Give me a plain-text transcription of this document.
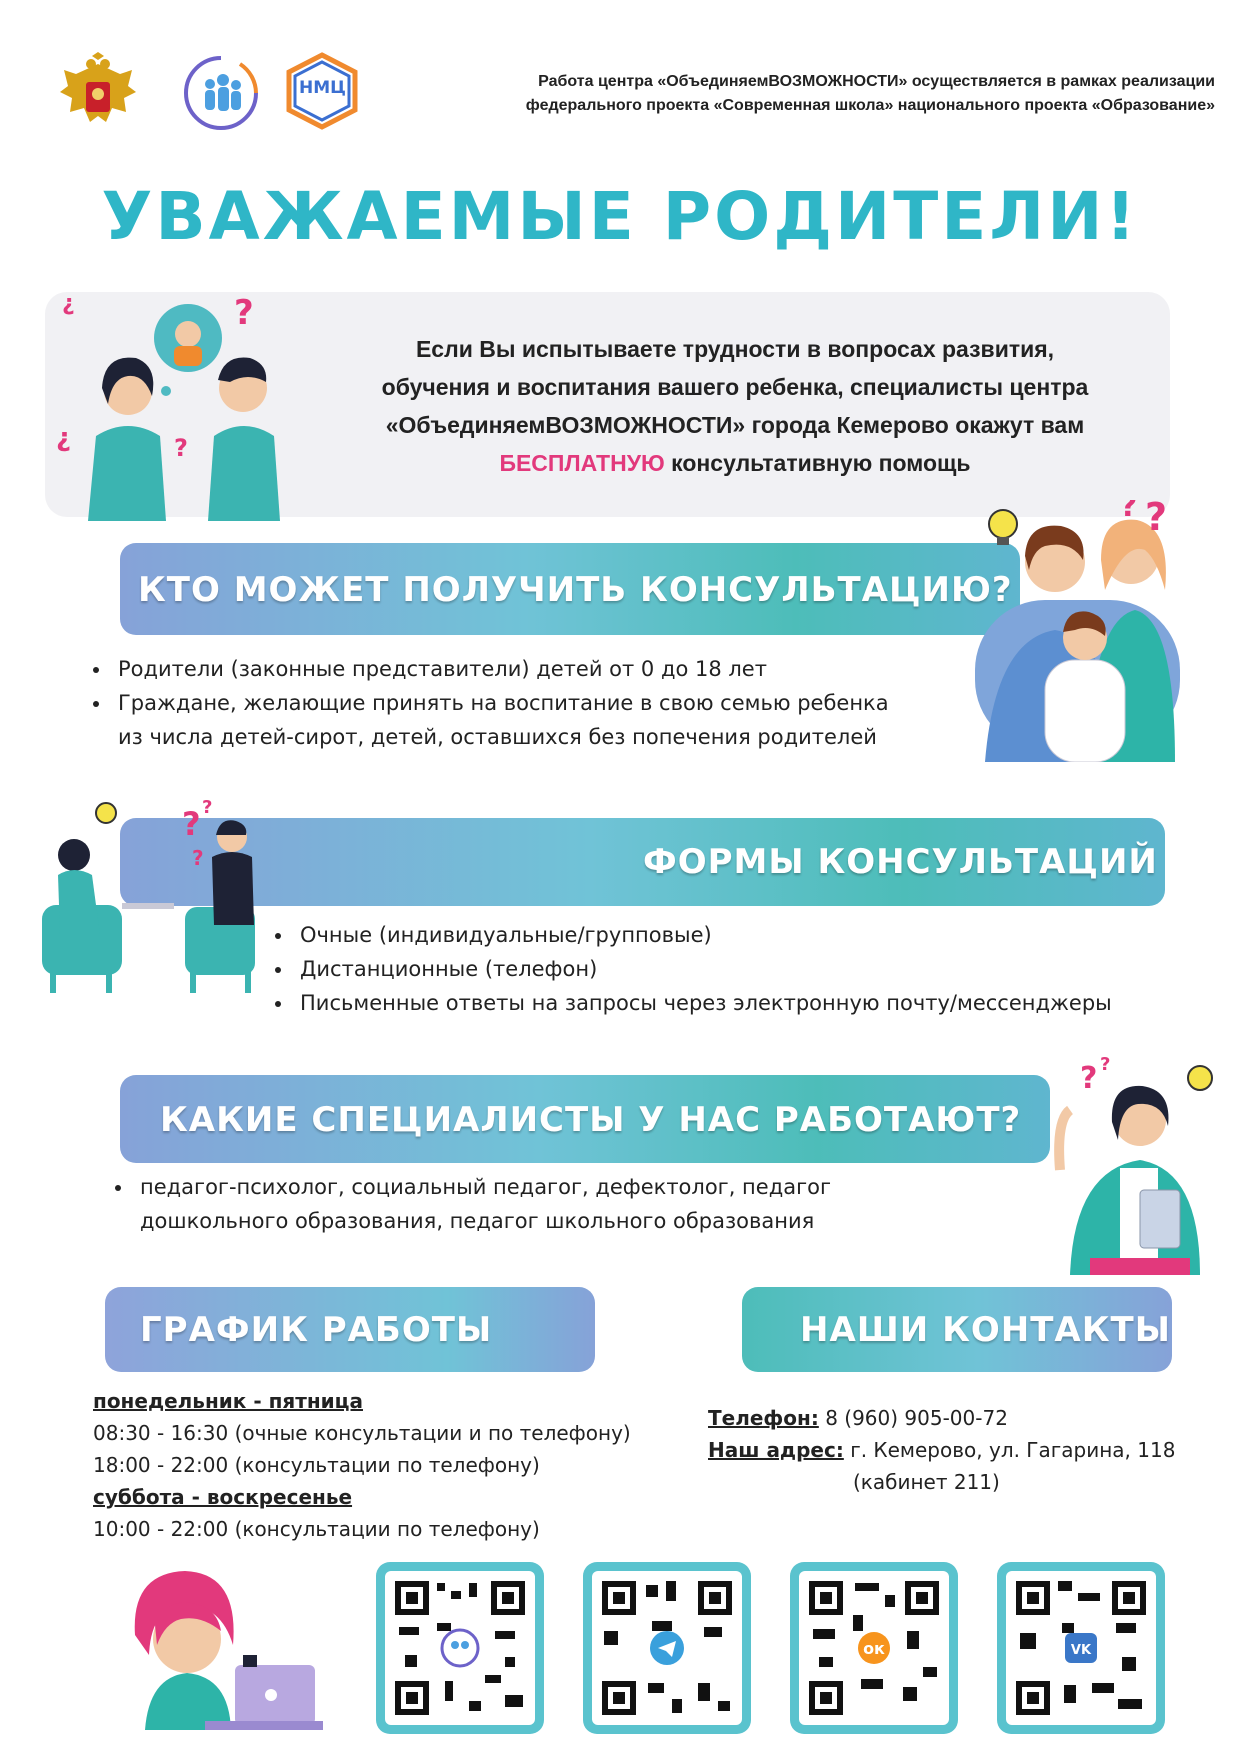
НМЦ	Работа центра «ОбъединяемВОЗМОЖНОСТИ» осуществляется в рамках реализации
федерального проекта «Современная школа» национального проекта «Образование»
УВАЖАЕМЫЕ РОДИТЕЛИ!
?
¿	?
¿
Если Вы испытываете трудности в вопросах развития,
обучения и воспитания вашего ребенка, специалисты центра
«ОбъединяемВОЗМОЖНОСТИ» города Кемерово окажут вам
БЕСПЛАТНУЮ консультативную помощь
КТО МОЖЕТ ПОЛУЧИТЬ КОНСУЛЬТАЦИЮ?
? ?
• Родители (законные представители) детей от 0 до 18 лет
• Граждане, желающие принять на воспитание в свою семью ребенка
из числа детей-сирот, детей, оставшихся без попечения родителей
ФОРМЫ КОНСУЛЬТАЦИЙ
? ?
?
• Очные (индивидуальные/групповые)
• Дистанционные (телефон)
• Письменные ответы на запросы через электронную почту/мессенджеры
КАКИЕ СПЕЦИАЛИСТЫ У НАС РАБОТАЮТ?
? ?
• педагог-психолог, социальный педагог, дефектолог, педагог
дошкольного образования, педагог школьного образования
ГРАФИК РАБОТЫ
понедельник - пятница
08:30 - 16:30 (очные консультации и по телефону)
18:00 - 22:00 (консультации по телефону)
суббота - воскресенье
10:00 - 22:00 (консультации по телефону)
НАШИ КОНТАКТЫ
Телефон: 8 (960) 905-00-72
Наш адрес: г. Кемерово, ул. Гагарина, 118
(кабинет 211)
ок	VK
